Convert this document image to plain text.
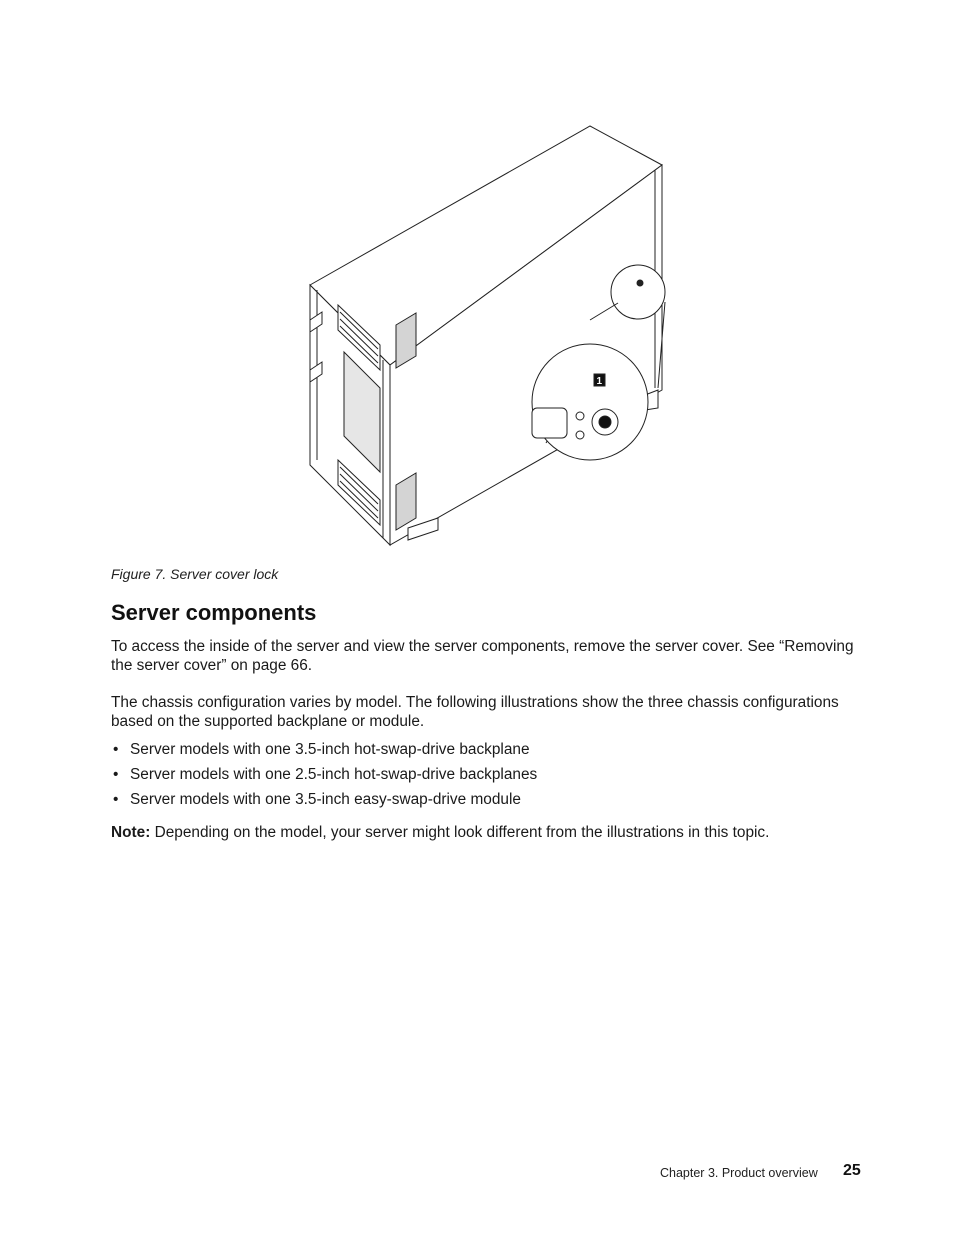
1
Figure 7. Server cover lock
Server components

To access the inside of the server and view the server components, remove the server cover. See “Removing the server cover” on page 66.

The chassis configuration varies by model. The following illustrations show the three chassis configurations based on the supported backplane or module.

• Server models with one 3.5-inch hot-swap-drive backplane
• Server models with one 2.5-inch hot-swap-drive backplanes
• Server models with one 3.5-inch easy-swap-drive module

Note: Depending on the model, your server might look different from the illustrations in this topic.

Chapter 3. Product overview 25
